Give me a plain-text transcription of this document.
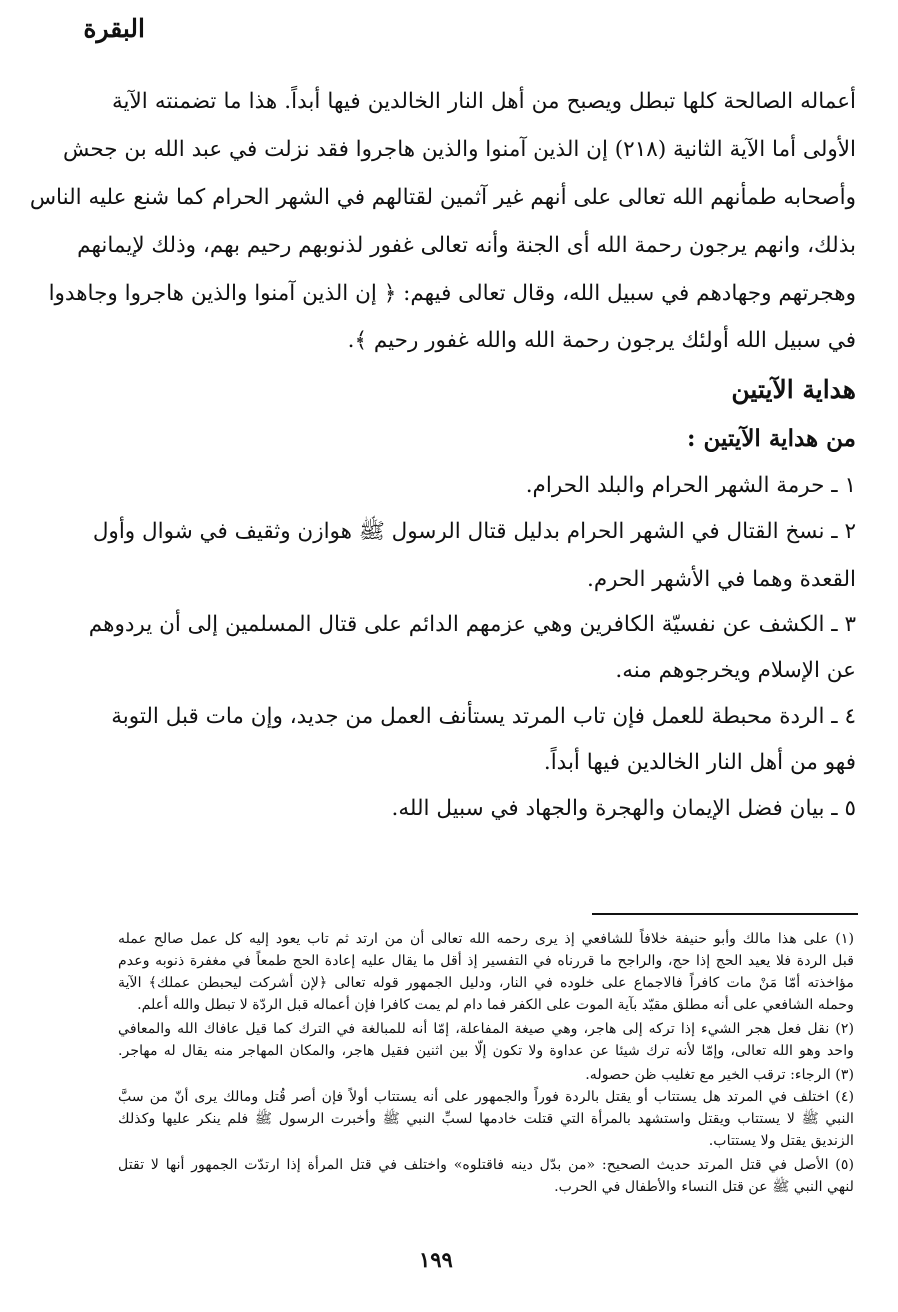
البقرة
أعماله الصالحة كلها تبطل ويصبح من أهل النار الخالدين فيها أبداً. هذا ما تضمنته الآية
الأولى أما الآية الثانية (٢١٨) إن الذين آمنوا والذين هاجروا فقد نزلت في عبد الله بن جحش
وأصحابه طمأنهم الله تعالى على أنهم غير آثمين لقتالهم في الشهر الحرام كما شنع عليه الناس
بذلك، وانهم يرجون رحمة الله أى الجنة وأنه تعالى غفور لذنوبهم رحيم بهم، وذلك لإيمانهم
وهجرتهم وجهادهم في سبيل الله، وقال تعالى فيهم: ﴿ إن الذين آمنوا والذين هاجروا وجاهدوا
في سبيل الله أولئك يرجون رحمة الله والله غفور رحيم ﴾.
هداية الآيتين
من هداية الآيتين :
١ ـ حرمة الشهر الحرام والبلد الحرام.
٢ ـ نسخ القتال في الشهر الحرام بدليل قتال الرسول ﷺ هوازن وثقيف في شوال وأول
القعدة وهما في الأشهر الحرم.
٣ ـ الكشف عن نفسيّة الكافرين وهي عزمهم الدائم على قتال المسلمين إلى أن يردوهم
عن الإسلام ويخرجوهم منه.
٤ ـ الردة محبطة للعمل فإن تاب المرتد يستأنف العمل من جديد، وإن مات قبل التوبة
فهو من أهل النار الخالدين فيها أبداً.
٥ ـ بيان فضل الإيمان والهجرة والجهاد في سبيل الله.
(١) على هذا مالك وأبو حنيفة خلافاً للشافعي إذ يرى رحمه الله تعالى أن من ارتد ثم تاب يعود إليه كل عمل صالح عمله
قبل الردة فلا يعيد الحج إذا حج، والراجح ما قررناه في التفسير إذ أقل ما يقال عليه إعادة الحج طمعاً في مغفرة ذنوبه وعدم
مؤاخذته أمّا مَنْ مات كافراً فالاجماع على خلوده في النار، ودليل الجمهور قوله تعالى ﴿لإن أشركت ليحبطن عملك﴾ الآية
وحمله الشافعي على أنه مطلق مقيّد بآية الموت على الكفر فما دام لم يمت كافرا فإن أعماله قبل الردّة لا تبطل والله أعلم.
(٢) نقل فعل هجر الشيء إذا تركه إلى هاجر، وهي صيغة المفاعلة، إمّا أنه للمبالغة في الترك كما قيل عافاك الله والمعافي
واحد وهو الله تعالى، وإمّا لأنه ترك شيئا عن عداوة ولا تكون إلّا بين اثنين فقيل هاجر، والمكان المهاجر منه يقال له مهاجر.
(٣) الرجاء: ترقب الخير مع تغليب ظن حصوله.
(٤) اختلف في المرتد هل يستتاب أو يقتل بالردة فوراً والجمهور على أنه يستتاب أولاً فإن أصر قُتل ومالك يرى أنّ من سبَّ
النبي ﷺ لا يستتاب ويقتل واستشهد بالمرأة التي قتلت خادمها لسبِّ النبي ﷺ وأخبرت الرسول ﷺ فلم ينكر عليها وكذلك
الزنديق يقتل ولا يستتاب.
(٥) الأصل في قتل المرتد حديث الصحيح: «من بدّل دينه فاقتلوه» واختلف في قتل المرأة إذا ارتدّت الجمهور أنها لا تقتل
لنهي النبي ﷺ عن قتل النساء والأطفال في الحرب.
١٩٩
